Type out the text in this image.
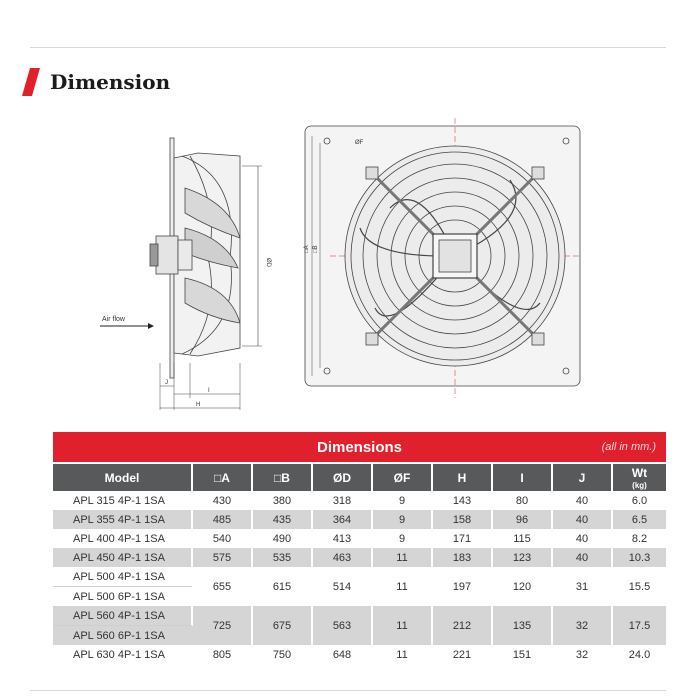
Dimension
Air flow
ØD
J
I
H
ØF
□A □B
Dimensions (all in mm.)								

Model	□A	□B	ØD	ØF	H	I	J	Wt
(kg)

APL 315 4P-1 1SA	430	380	318	9	143	80	40	6.0
APL 355 4P-1 1SA	485	435	364	9	158	96	40	6.5
APL 400 4P-1 1SA	540	490	413	9	171	115	40	8.2
APL 450 4P-1 1SA	575	535	463	11	183	123	40	10.3
APL 500 4P-1 1SA	655	615	514	11	197	120	31	15.5
APL 500 6P-1 1SA								
APL 560 4P-1 1SA	725	675	563	11	212	135	32	17.5
APL 560 6P-1 1SA								
APL 630 4P-1 1SA	805	750	648	11	221	151	32	24.0
